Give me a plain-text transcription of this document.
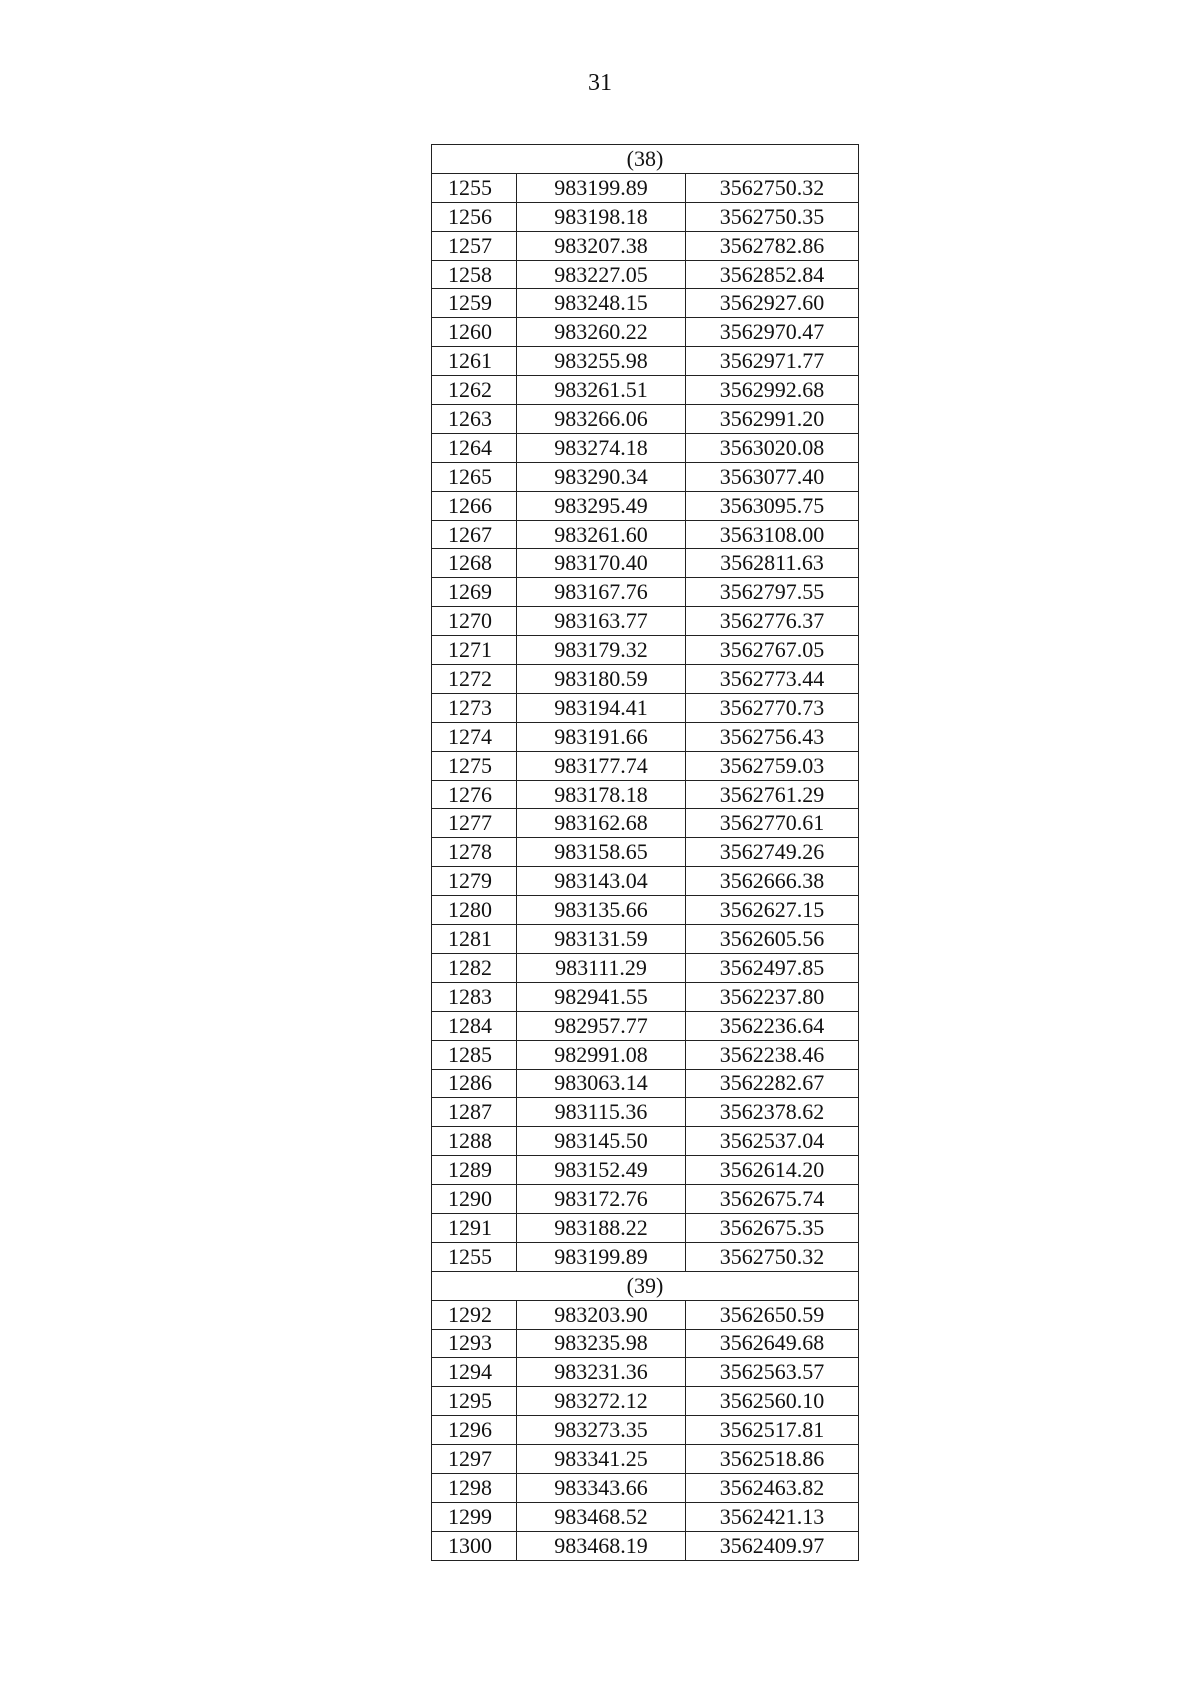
31
(38)		
1255	983199.89	3562750.32
1256	983198.18	3562750.35
1257	983207.38	3562782.86
1258	983227.05	3562852.84
1259	983248.15	3562927.60
1260	983260.22	3562970.47
1261	983255.98	3562971.77
1262	983261.51	3562992.68
1263	983266.06	3562991.20
1264	983274.18	3563020.08
1265	983290.34	3563077.40
1266	983295.49	3563095.75
1267	983261.60	3563108.00
1268	983170.40	3562811.63
1269	983167.76	3562797.55
1270	983163.77	3562776.37
1271	983179.32	3562767.05
1272	983180.59	3562773.44
1273	983194.41	3562770.73
1274	983191.66	3562756.43
1275	983177.74	3562759.03
1276	983178.18	3562761.29
1277	983162.68	3562770.61
1278	983158.65	3562749.26
1279	983143.04	3562666.38
1280	983135.66	3562627.15
1281	983131.59	3562605.56
1282	983111.29	3562497.85
1283	982941.55	3562237.80
1284	982957.77	3562236.64
1285	982991.08	3562238.46
1286	983063.14	3562282.67
1287	983115.36	3562378.62
1288	983145.50	3562537.04
1289	983152.49	3562614.20
1290	983172.76	3562675.74
1291	983188.22	3562675.35
1255	983199.89	3562750.32
(39)		
1292	983203.90	3562650.59
1293	983235.98	3562649.68
1294	983231.36	3562563.57
1295	983272.12	3562560.10
1296	983273.35	3562517.81
1297	983341.25	3562518.86
1298	983343.66	3562463.82
1299	983468.52	3562421.13
1300	983468.19	3562409.97
